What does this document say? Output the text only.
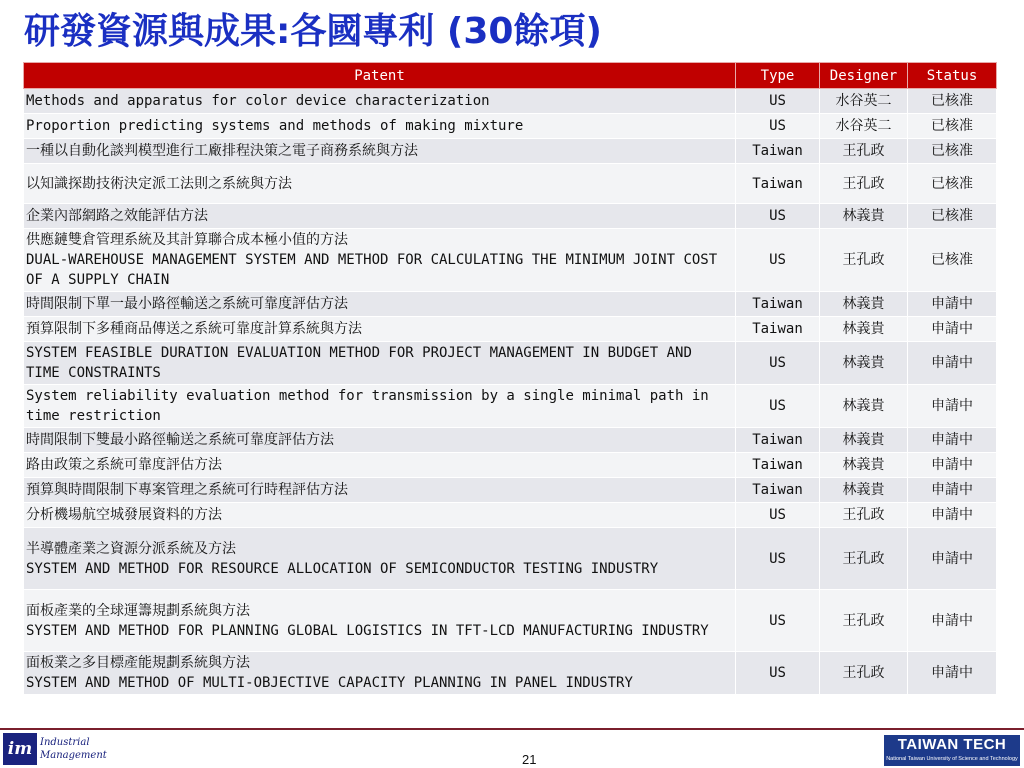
研發資源與成果:各國專利 (30餘項)
Patent	Type	Designer	Status

Methods and apparatus for color device characterization	US	水谷英二	已核准

Proportion predicting systems and methods of making mixture	US	水谷英二	已核准

一種以自動化談判模型進行工廠排程決策之電子商務系統與方法	Taiwan	王孔政	已核准

以知識探勘技術決定派工法則之系統與方法	Taiwan	王孔政	已核准

企業內部網路之效能評估方法	US	林義貴	已核准

供應鏈雙倉管理系統及其計算聯合成本極小值的方法
DUAL-WAREHOUSE MANAGEMENT SYSTEM AND METHOD FOR CALCULATING THE MINIMUM JOINT COST OF A SUPPLY CHAIN	US	王孔政	已核准

時間限制下單一最小路徑輸送之系統可靠度評估方法	Taiwan	林義貴	申請中

預算限制下多種商品傳送之系統可靠度計算系統與方法	Taiwan	林義貴	申請中

SYSTEM FEASIBLE DURATION EVALUATION METHOD FOR PROJECT MANAGEMENT IN BUDGET AND TIME CONSTRAINTS	US	林義貴	申請中

System reliability evaluation method for transmission by a single minimal path in time restriction	US	林義貴	申請中

時間限制下雙最小路徑輸送之系統可靠度評估方法	Taiwan	林義貴	申請中

路由政策之系統可靠度評估方法	Taiwan	林義貴	申請中

預算與時間限制下專案管理之系統可行時程評估方法	Taiwan	林義貴	申請中

分析機場航空城發展資料的方法	US	王孔政	申請中

半導體產業之資源分派系統及方法
SYSTEM AND METHOD FOR RESOURCE ALLOCATION OF SEMICONDUCTOR TESTING INDUSTRY	US	王孔政	申請中

面板產業的全球運籌規劃系統與方法
SYSTEM AND METHOD FOR PLANNING GLOBAL LOGISTICS IN TFT-LCD MANUFACTURING INDUSTRY	US	王孔政	申請中

面板業之多目標產能規劃系統與方法
SYSTEM AND METHOD OF MULTI-OBJECTIVE CAPACITY PLANNING IN PANEL INDUSTRY	US	王孔政	申請中
im Industrial
Management	21
TAIWAN TECH
National Taiwan University of Science and Technology
